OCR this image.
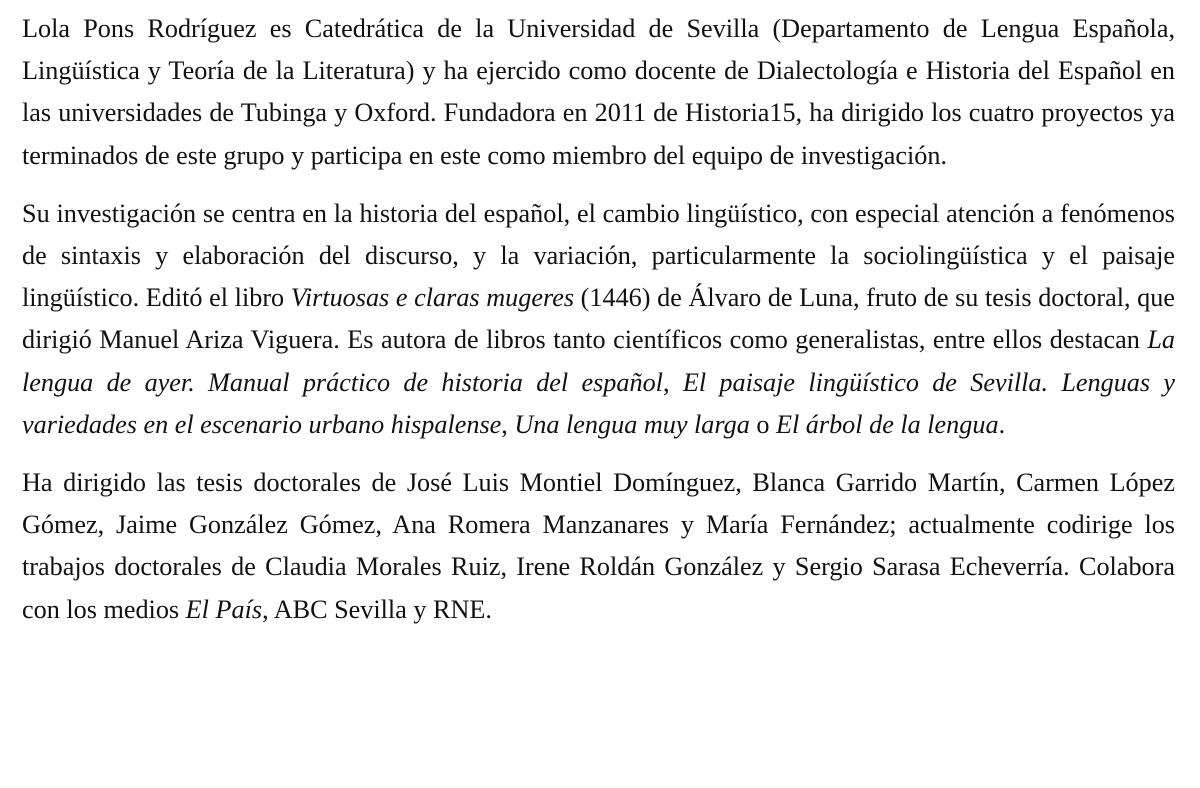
Lola Pons Rodríguez es Catedrática de la Universidad de Sevilla (Departamento de Lengua Española, Lingüística y Teoría de la Literatura) y ha ejercido como docente de Dialectología e Historia del Español en las universidades de Tubinga y Oxford. Fundadora en 2011 de Historia15, ha dirigido los cuatro proyectos ya terminados de este grupo y participa en este como miembro del equipo de investigación.

Su investigación se centra en la historia del español, el cambio lingüístico, con especial atención a fenómenos de sintaxis y elaboración del discurso, y la variación, particularmente la sociolingüística y el paisaje lingüístico. Editó el libro Virtuosas e claras mugeres (1446) de Álvaro de Luna, fruto de su tesis doctoral, que dirigió Manuel Ariza Viguera. Es autora de libros tanto científicos como generalistas, entre ellos destacan La lengua de ayer. Manual práctico de historia del español, El paisaje lingüístico de Sevilla. Lenguas y variedades en el escenario urbano hispalense, Una lengua muy larga o El árbol de la lengua.

Ha dirigido las tesis doctorales de José Luis Montiel Domínguez, Blanca Garrido Martín, Carmen López Gómez, Jaime González Gómez, Ana Romera Manzanares y María Fernández; actualmente codirige los trabajos doctorales de Claudia Morales Ruiz, Irene Roldán González y Sergio Sarasa Echeverría. Colabora con los medios El País, ABC Sevilla y RNE.
